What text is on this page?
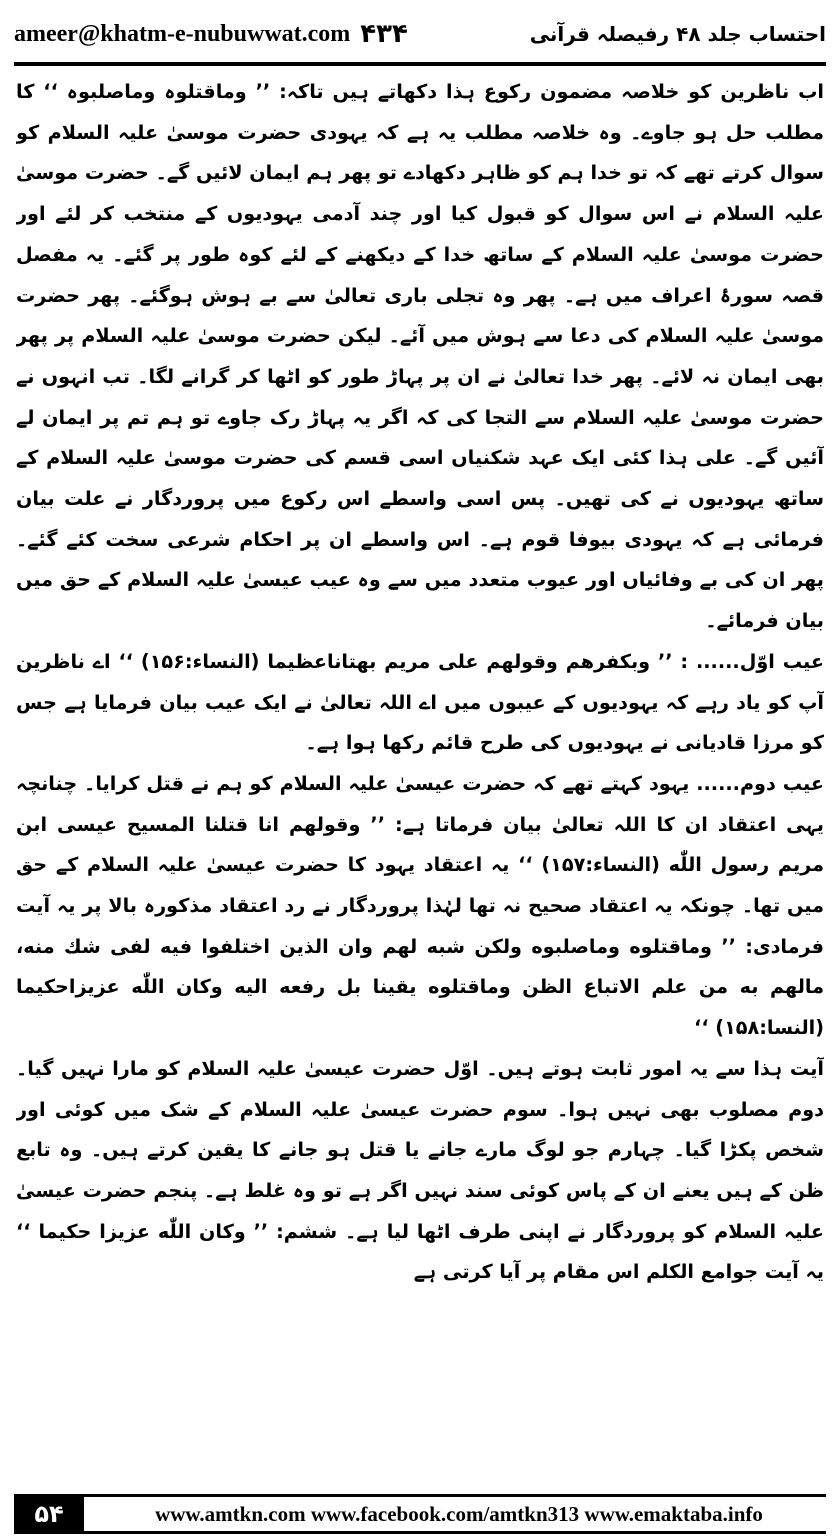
ameer@khatm-e-nubuwwat.com ۴۳۴	احتساب جلد ۴۸ رفیصلہ قرآنی

اب ناظرین کو خلاصہ مضمون رکوع ہذا دکھاتے ہیں تاکہ: ’’ وماقتلوہ وماصلبوہ ‘‘ کا مطلب حل ہو جاوے۔ وہ خلاصہ مطلب یہ ہے کہ یہودی حضرت موسیٰ علیہ السلام کو سوال کرتے تھے کہ تو خدا ہم کو ظاہر دکھادے تو پھر ہم ایمان لائیں گے۔ حضرت موسیٰ علیہ السلام نے اس سوال کو قبول کیا اور چند آدمی یہودیوں کے منتخب کر لئے اور حضرت موسیٰ علیہ السلام کے ساتھ خدا کے دیکھنے کے لئے کوہ طور پر گئے۔ یہ مفصل قصہ سورۂ اعراف میں ہے۔ پھر وہ تجلی باری تعالیٰ سے بے ہوش ہوگئے۔ پھر حضرت موسیٰ علیہ السلام کی دعا سے ہوش میں آئے۔ لیکن حضرت موسیٰ علیہ السلام پر پھر بھی ایمان نہ لائے۔ پھر خدا تعالیٰ نے ان پر پہاڑ طور کو اٹھا کر گرانے لگا۔ تب انہوں نے حضرت موسیٰ علیہ السلام سے التجا کی کہ اگر یہ پہاڑ رک جاوے تو ہم تم پر ایمان لے آئیں گے۔ علی ہذا کئی ایک عہد شکنیاں اسی قسم کی حضرت موسیٰ علیہ السلام کے ساتھ یہودیوں نے کی تھیں۔ پس اسی واسطے اس رکوع میں پروردگار نے علت بیان فرمائی ہے کہ یہودی بیوفا قوم ہے۔ اس واسطے ان پر احکام شرعی سخت کئے گئے۔ پھر ان کی بے وفائیاں اور عیوب متعدد میں سے وہ عیب عیسیٰ علیہ السلام کے حق میں بیان فرمائے۔

عیب اوّل...... : ’’ وبکفرهم وقولهم علی مریم بهتاناعظیما (النساء:۱۵۶) ‘‘ اے ناظرین آپ کو یاد رہے کہ یہودیوں کے عیبوں میں اے اللہ تعالیٰ نے ایک عیب بیان فرمایا ہے جس کو مرزا قادیانی نے یہودیوں کی طرح قائم رکھا ہوا ہے۔

عیب دوم...... یہود کہتے تھے کہ حضرت عیسیٰ علیہ السلام کو ہم نے قتل کرایا۔ چنانچہ یہی اعتقاد ان کا اللہ تعالیٰ بیان فرماتا ہے: ’’ وقولهم انا قتلنا المسیح عیسی ابن مریم رسول اللّٰه (النساء:۱۵۷) ‘‘ یہ اعتقاد یہود کا حضرت عیسیٰ علیہ السلام کے حق میں تھا۔ چونکہ یہ اعتقاد صحیح نہ تھا لہٰذا پروردگار نے رد اعتقاد مذکورہ بالا پر یہ آیت فرمادی: ’’ وماقتلوه وماصلبوه ولکن شبه لهم وان الذین اختلفوا فیه لفی شك منه، مالهم به من علم الاتباع الظن وماقتلوه یقینا بل رفعه الیه وکان اللّٰه عزیزاحکیما (النسا:۱۵۸) ‘‘

آیت ہذا سے یہ امور ثابت ہوتے ہیں۔ اوّل حضرت عیسیٰ علیہ السلام کو مارا نہیں گیا۔ دوم مصلوب بھی نہیں ہوا۔ سوم حضرت عیسیٰ علیہ السلام کے شک میں کوئی اور شخص پکڑا گیا۔ چہارم جو لوگ مارے جانے یا قتل ہو جانے کا یقین کرتے ہیں۔ وہ تابع ظن کے ہیں یعنے ان کے پاس کوئی سند نہیں اگر ہے تو وہ غلط ہے۔ پنجم حضرت عیسیٰ علیہ السلام کو پروردگار نے اپنی طرف اٹھا لیا ہے۔ ششم: ’’ وکان اللّٰه عزیزا حکیما ‘‘ یہ آیت جوامع الکلم اس مقام پر آیا کرتی ہے

۵۴	www.amtkn.com www.facebook.com/amtkn313 www.emaktaba.info
